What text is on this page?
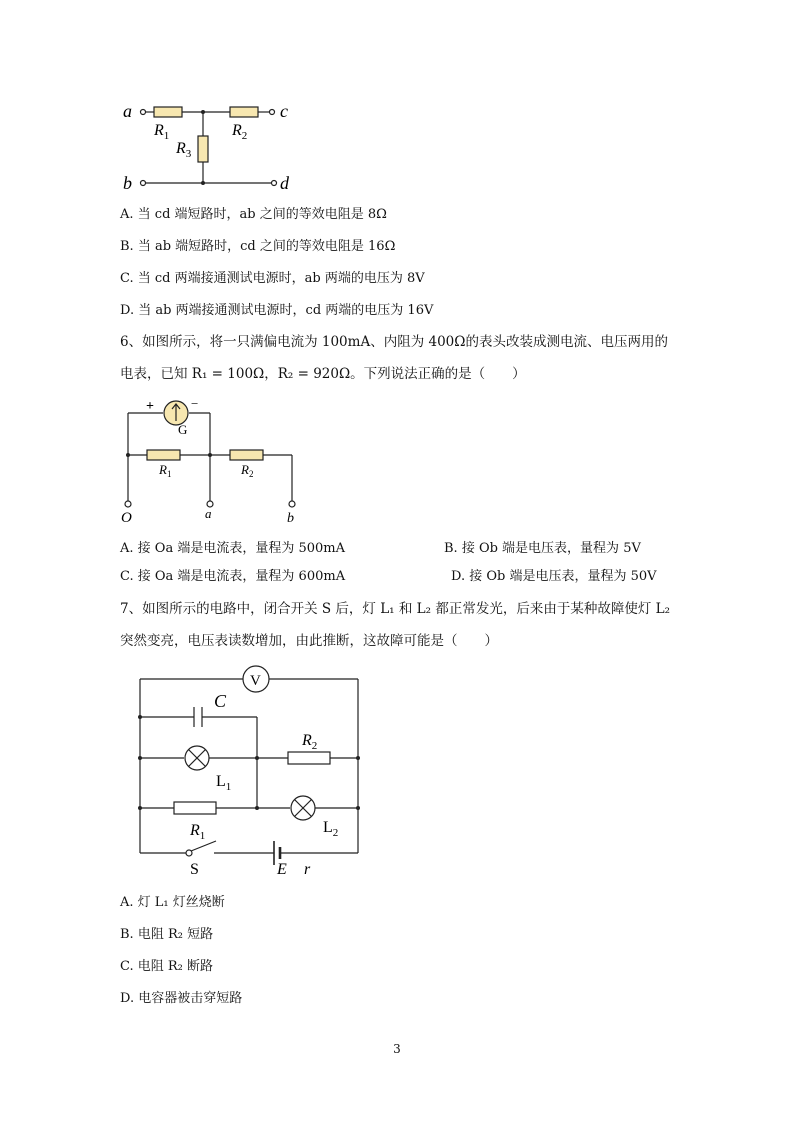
a	c
b	d
$R_1$	$R_2$
$R_3$
A. 当 cd 端短路时，ab 之间的等效电阻是 8Ω
B. 当 ab 端短路时，cd 之间的等效电阻是 16Ω
C. 当 cd 两端接通测试电源时，ab 两端的电压为 8V
D. 当 ab 两端接通测试电源时，cd 两端的电压为 16V
6、如图所示，将一只满偏电流为 100mA、内阻为 400Ω的表头改装成测电流、电压两用的
电表，已知 R₁ = 100Ω，R₂ = 920Ω。下列说法正确的是（　　）
+	−
G
$R_1$	$R_2$
O	a	b
A. 接 Oa 端是电流表，量程为 500mA	B. 接 Ob 端是电压表，量程为 5V
C. 接 Oa 端是电流表，量程为 600mA	D. 接 Ob 端是电压表，量程为 50V
7、如图所示的电路中，闭合开关 S 后，灯 L₁ 和 L₂ 都正常发光，后来由于某种故障使灯 L₂
突然变亮，电压表读数增加，由此推断，这故障可能是（　　）
V
C
$R_2$
$L_1$
$R_1$	$L_2$
S	E r
A. 灯 L₁ 灯丝烧断
B. 电阻 R₂ 短路
C. 电阻 R₂ 断路
D. 电容器被击穿短路
3
